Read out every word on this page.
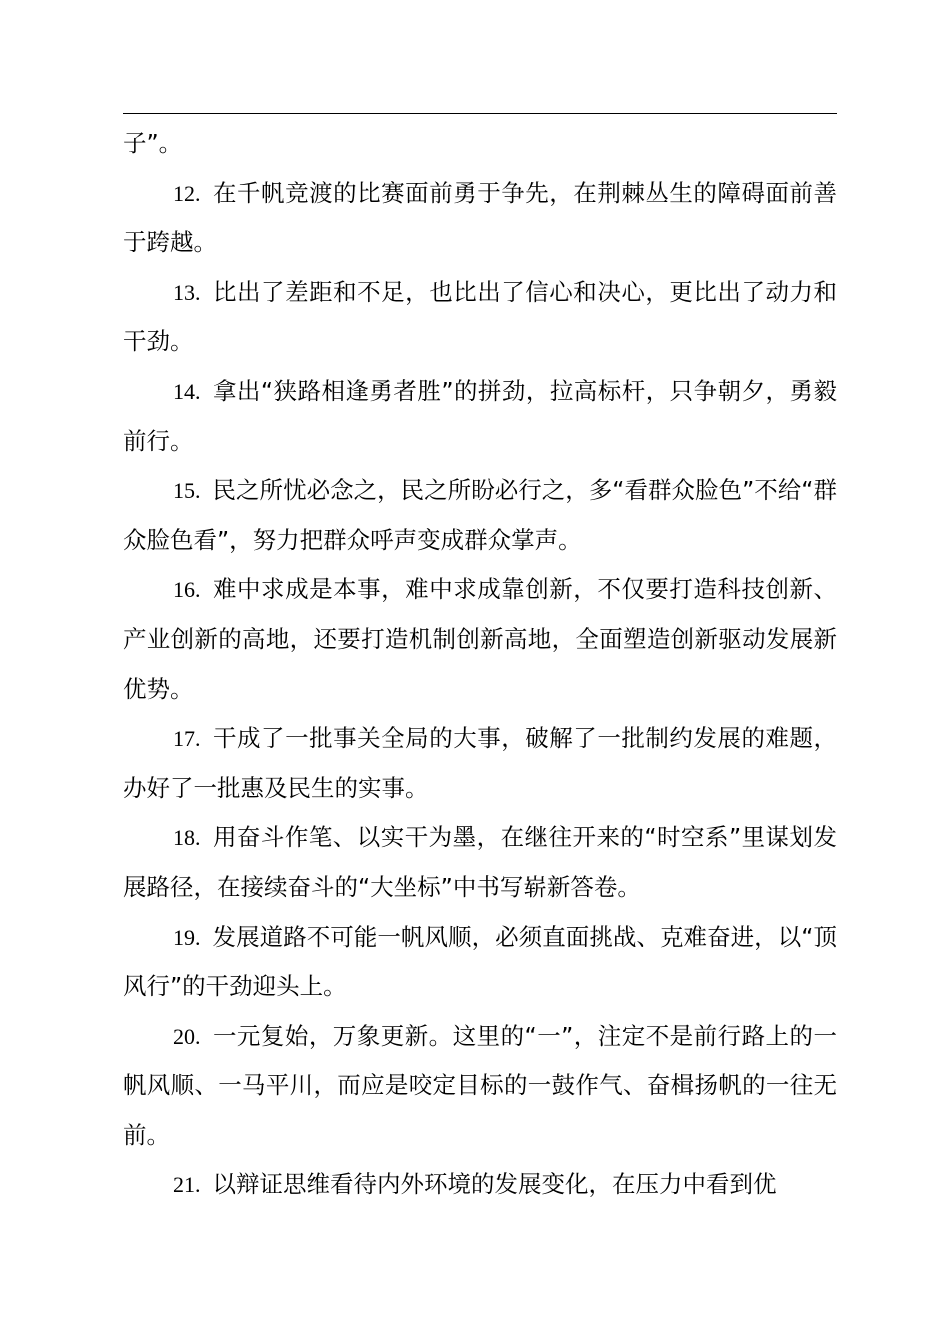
子”。

12. 在千帆竞渡的比赛面前勇于争先，在荆棘丛生的障碍面前善于跨越。

13. 比出了差距和不足，也比出了信心和决心，更比出了动力和干劲。

14. 拿出“狭路相逢勇者胜”的拼劲，拉高标杆，只争朝夕，勇毅前行。

15. 民之所忧必念之，民之所盼必行之，多“看群众脸色”不给“群众脸色看”，努力把群众呼声变成群众掌声。

16. 难中求成是本事，难中求成靠创新，不仅要打造科技创新、产业创新的高地，还要打造机制创新高地，全面塑造创新驱动发展新优势。

17. 干成了一批事关全局的大事，破解了一批制约发展的难题，办好了一批惠及民生的实事。

18. 用奋斗作笔、以实干为墨，在继往开来的“时空系”里谋划发展路径，在接续奋斗的“大坐标”中书写崭新答卷。

19. 发展道路不可能一帆风顺，必须直面挑战、克难奋进，以“顶风行”的干劲迎头上。

20. 一元复始，万象更新。这里的“一”，注定不是前行路上的一帆风顺、一马平川，而应是咬定目标的一鼓作气、奋楫扬帆的一往无前。

21. 以辩证思维看待内外环境的发展变化，在压力中看到优
